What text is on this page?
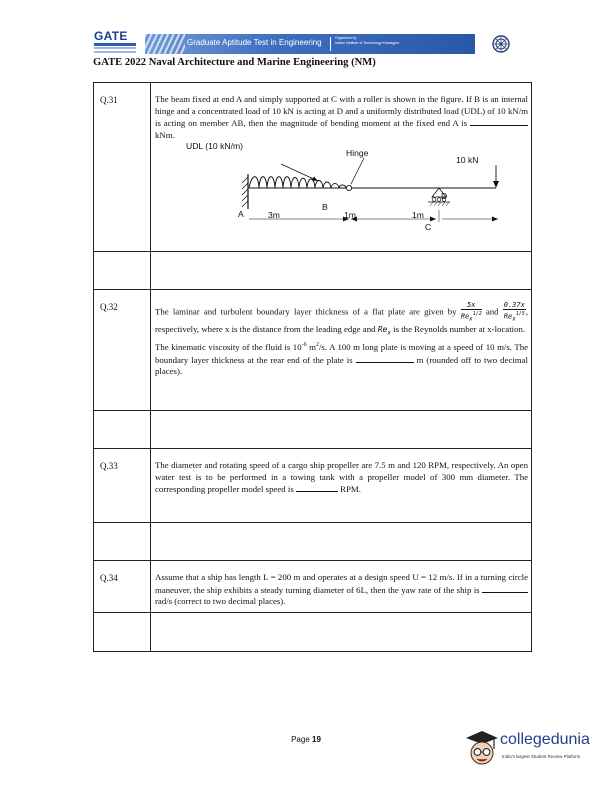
GATE	Graduate Aptitude Test in Engineering	Organised by
Indian Institute of Technology Kharagpur
GATE 2022 Naval Architecture and Marine Engineering (NM)
Q.31	The beam fixed at end A and simply supported at C with a roller is shown in the figure. If B is an internal hinge and a concentrated load of 10 kN is acting at D and a uniformly distributed load (UDL) of 10 kN/m is acting on member AB, then the magnitude of bending moment at the fixed end A is  kNm.
UDL (10 kN/m)
Hinge
10 kN
A
B
C
D
3m	1m	1m
Q.32	The laminar and turbulent boundary layer thickness of a flat plate are given by $\frac{5x}{Re_x^{1/2}}$ and $\frac{0.37x}{Re_x^{1/5}}$ , respectively, where x is the distance from the leading edge and $Re_x$ is the Reynolds number at x-location.
The kinematic viscosity of the fluid is $10^{-6}$ $m^2/s$. A 100 m long plate is moving at a speed of 10 m/s. The boundary layer thickness at the rear end of the plate is	m (rounded off to two decimal places).
Q.33	The diameter and rotating speed of a cargo ship propeller are 7.5 m and 120 RPM, respectively. An open water test is to be performed in a towing tank with a propeller model of 300 mm diameter. The corresponding propeller model speed is	RPM.
Q.34	Assume that a ship has length L = 200 m and operates at a design speed U = 12 m/s. If in a turning circle maneuver, the ship exhibits a steady turning diameter of 6L, then the yaw rate of the ship is  rad/s (correct to two decimal places).
Page 19	collegedunia
India's largest Student Review Platform
